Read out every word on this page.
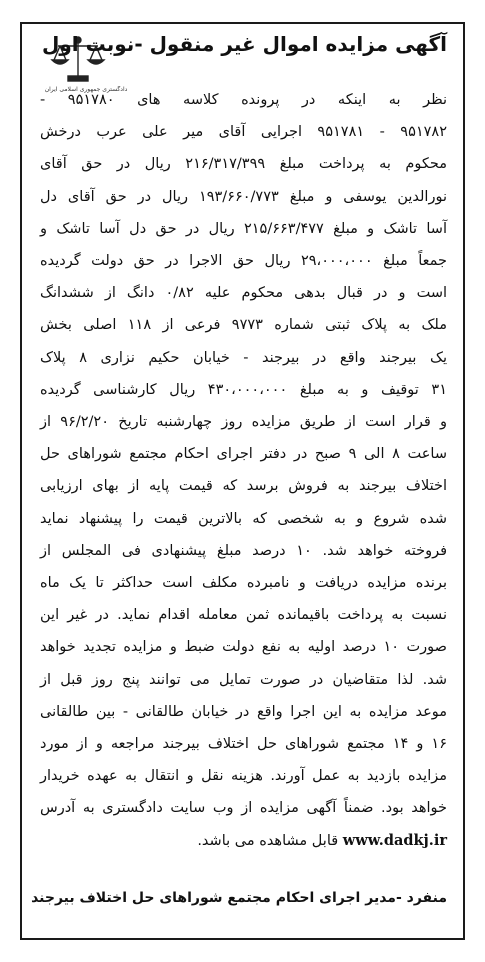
دادگستری جمهوری اسلامی ایران
آگهی مزایده اموال غیر منقول -نوبت اول
نظر به اینکه در پرونده کلاسه های ۹۵۱۷۸۰ -
۹۵۱۷۸۲ - ۹۵۱۷۸۱ اجرایی آقای میر علی عرب درخش
محکوم به پرداخت مبلغ ۲۱۶/۳۱۷/۳۹۹ ریال در حق آقای
نورالدین یوسفی و مبلغ ۱۹۳/۶۶۰/۷۷۳ ریال در حق آقای دل
آسا تاشک و مبلغ ۲۱۵/۶۶۳/۴۷۷ ریال در حق دل آسا تاشک و
جمعاً مبلغ ۲۹،۰۰۰،۰۰۰ ریال حق الاجرا در حق دولت گردیده
است و در قبال بدهی محکوم علیه ۰/۸۲ دانگ از ششدانگ
ملک به پلاک ثبتی شماره ۹۷۷۳ فرعی از ۱۱۸ اصلی بخش
یک بیرجند واقع در بیرجند - خیابان حکیم نزاری ۸ پلاک
۳۱ توقیف و به مبلغ ۴۳۰،۰۰۰،۰۰۰ ریال کارشناسی گردیده
و قرار است از طریق مزایده روز چهارشنبه تاریخ ۹۶/۲/۲۰ از
ساعت ۸ الی ۹ صبح در دفتر اجرای احکام مجتمع شوراهای حل
اختلاف بیرجند به فروش برسد که قیمت پایه از بهای ارزیابی
شده شروع و به شخصی که بالاترین قیمت را پیشنهاد نماید
فروخته خواهد شد. ۱۰ درصد مبلغ پیشنهادی فی المجلس از
برنده مزایده دریافت و نامبرده مکلف است حداکثر تا یک ماه
نسبت به پرداخت باقیمانده ثمن معامله اقدام نماید. در غیر این
صورت ۱۰ درصد اولیه به نفع دولت ضبط و مزایده تجدید خواهد
شد. لذا متقاضیان در صورت تمایل می توانند پنج روز قبل از
موعد مزایده به این اجرا واقع در خیابان طالقانی - بین طالقانی
۱۶ و ۱۴ مجتمع شوراهای حل اختلاف بیرجند مراجعه و از مورد
مزایده بازدید به عمل آورند. هزینه نقل و انتقال به عهده خریدار
خواهد بود. ضمناً آگهی مزایده از وب سایت دادگستری به آدرس
www.dadkj.ir قابل مشاهده می باشد.
منفرد -مدیر اجرای احکام مجتمع شوراهای حل اختلاف بیرجند
